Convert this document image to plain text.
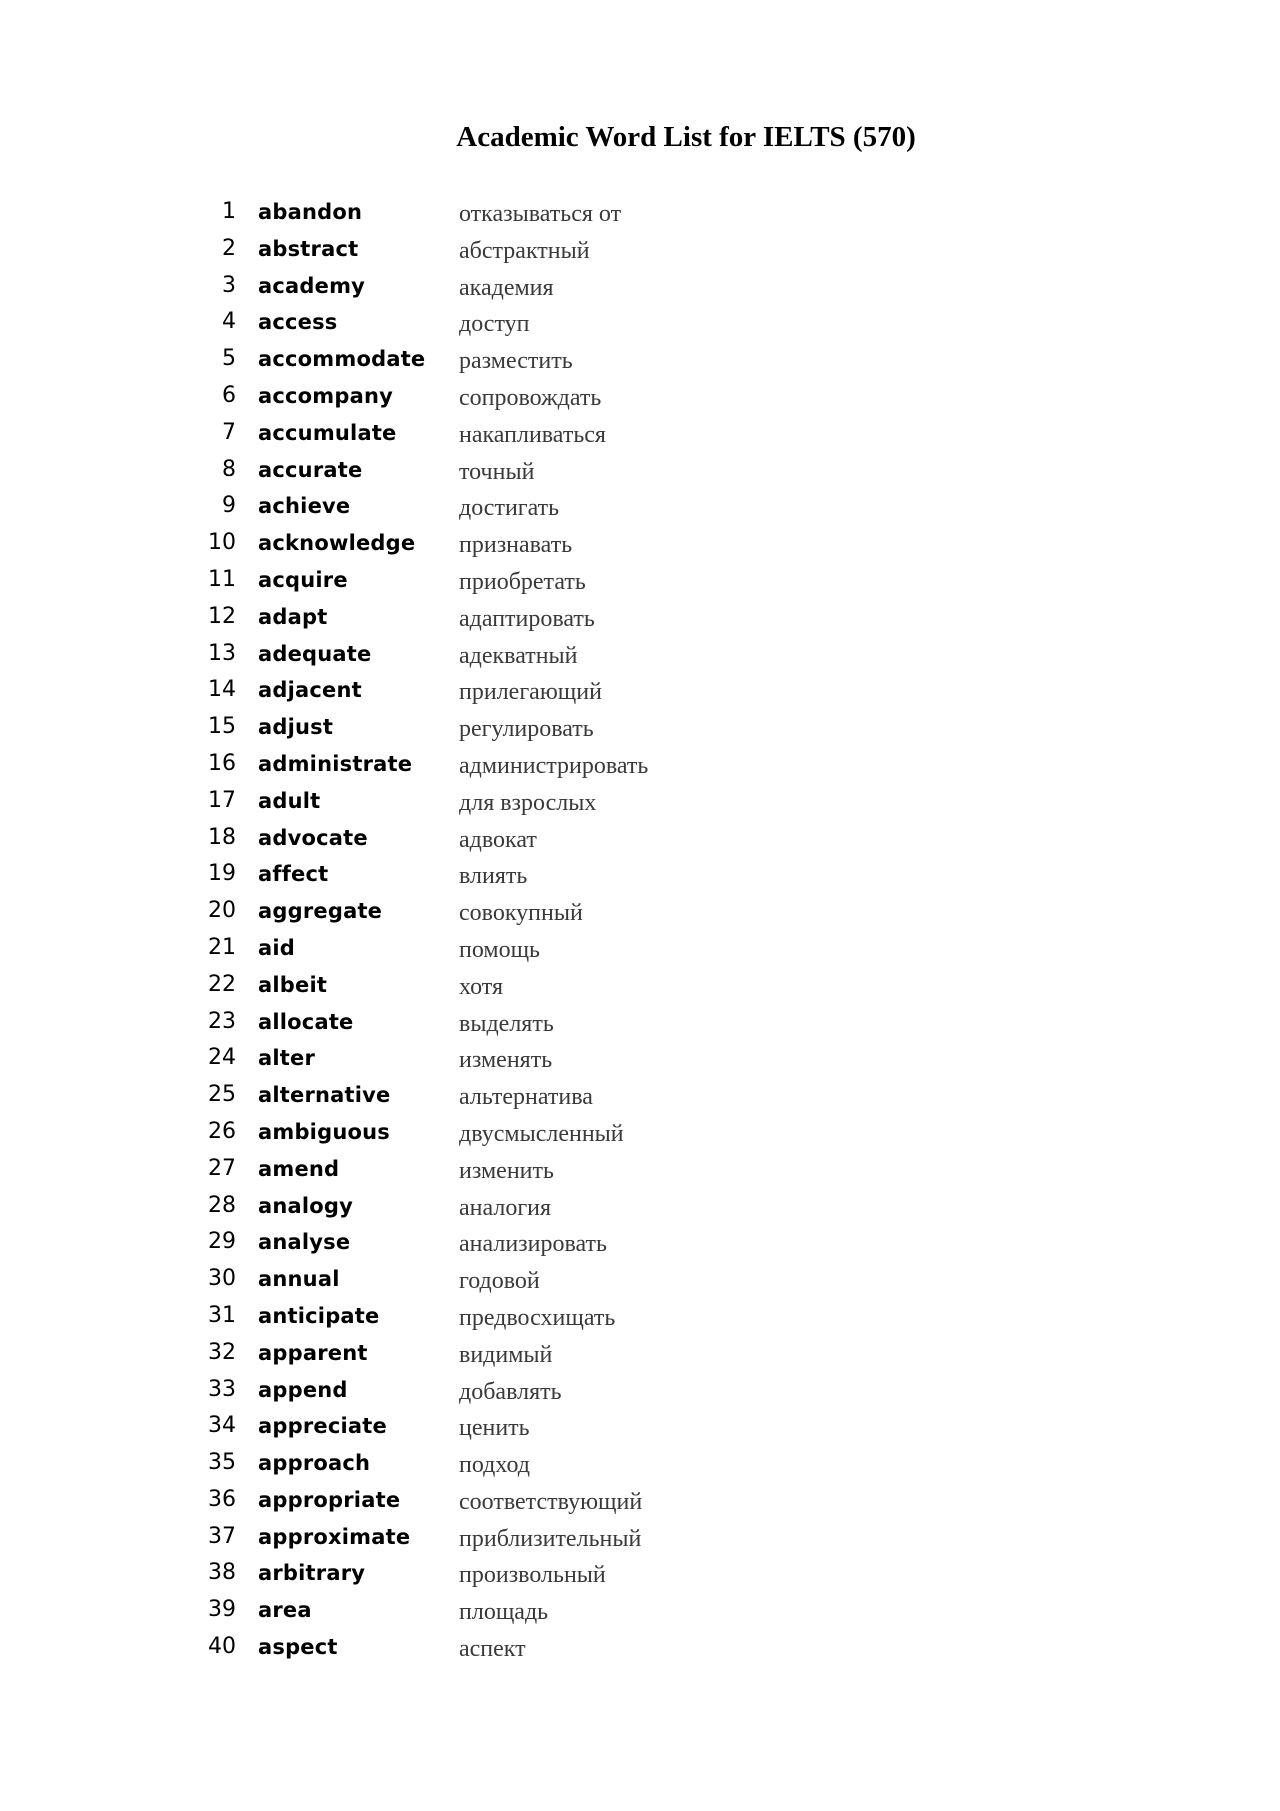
Academic Word List for IELTS (570)
1 abandon	отказываться от
2 abstract	абстрактный
3 academy	академия
4 access	доступ
5 accommodate разместить
6 accompany	сопровождать
7 accumulate	накапливаться
8 accurate	точный
9 achieve	достигать
10 acknowledge признавать
11 acquire	приобретать
12 adapt	адаптировать
13 adequate	адекватный
14 adjacent	прилегающий
15 adjust	регулировать
16 administrate администрировать
17 adult	для взрослых
18 advocate	адвокат
19 affect	влиять
20 aggregate	совокупный
21 aid	помощь
22 albeit	хотя
23 allocate	выделять
24 alter	изменять
25 alternative	альтернатива
26 ambiguous	двусмысленный
27 amend	изменить
28 analogy	аналогия
29 analyse	анализировать
30 annual	годовой
31 anticipate	предвосхищать
32 apparent	видимый
33 append	добавлять
34 appreciate	ценить
35 approach	подход
36 appropriate соответствующий
37 approximate приблизительный
38 arbitrary	произвольный
39 area	площадь
40 aspect	аспект
